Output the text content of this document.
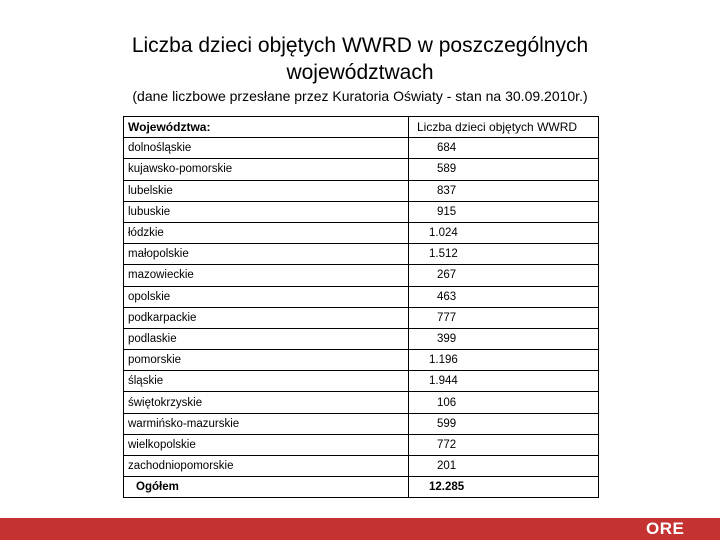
Liczba dzieci objętych WWRD w poszczególnych
województwach
(dane liczbowe przesłane przez Kuratoria Oświaty - stan na 30.09.2010r.)
Województwa:	Liczba dzieci objętych WWRD
dolnośląskie	684
kujawsko-pomorskie	589
lubelskie	837
lubuskie	915
łódzkie	1.024
małopolskie	1.512
mazowieckie	267
opolskie	463
podkarpackie	777
podlaskie	399
pomorskie	1.196
śląskie	1.944
świętokrzyskie	106
warmińsko-mazurskie	599
wielkopolskie	772
zachodniopomorskie	201
Ogółem	12.285
ORE
